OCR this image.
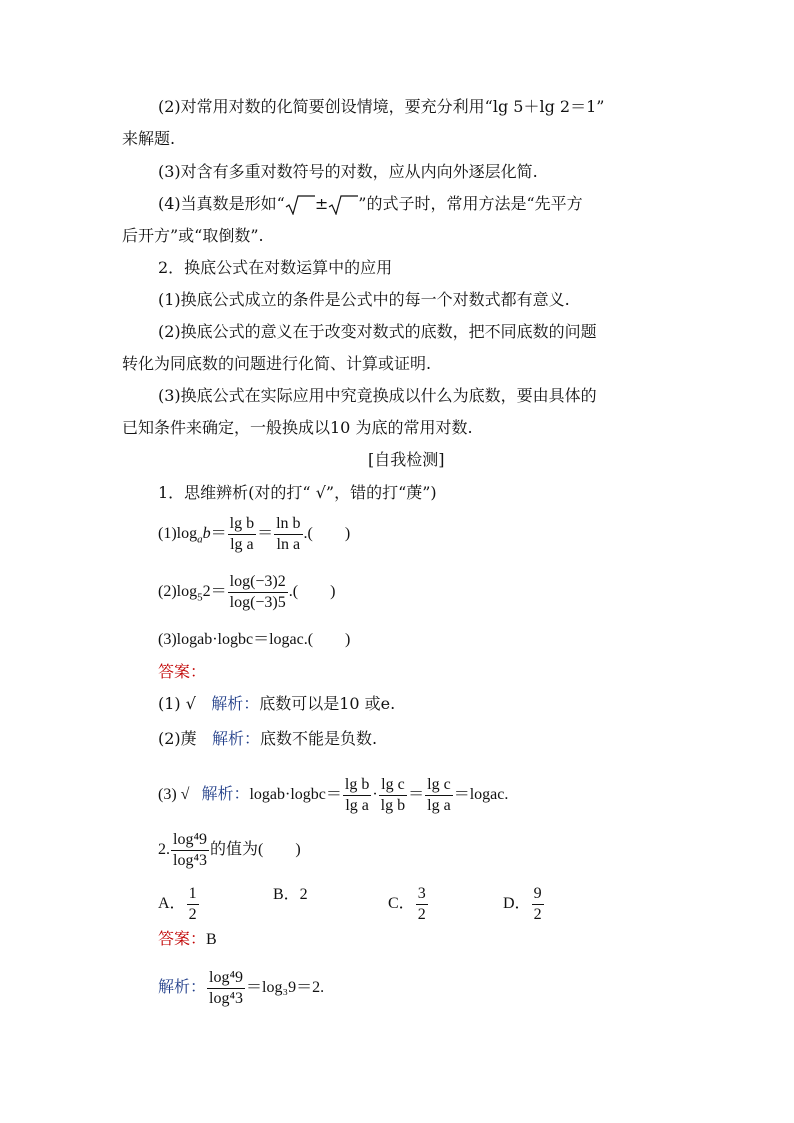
(2)对常用对数的化简要创设情境，要充分利用“lg 5＋lg 2＝1”
来解题.
(3)对含有多重对数符号的对数，应从内向外逐层化简.
(4)当真数是形如“ ± ”的式子时，常用方法是“先平方
后开方”或“取倒数”.
2．换底公式在对数运算中的应用
(1)换底公式成立的条件是公式中的每一个对数式都有意义.
(2)换底公式的意义在于改变对数式的底数，把不同底数的问题
转化为同底数的问题进行化简、计算或证明.
(3)换底公式在实际应用中究竟换成以什么为底数，要由具体的
已知条件来确定，一般换成以10 为底的常用对数.
[自我检测]
1．思维辨析(对的打“ √”，错的打“菮”)
$(1)\log_ab= \frac{\text{lg b}}{\text{lg a}} = \frac{\text{ln b}}{\text{ln a}}$ .(　　)
$(2)\log_52= \frac{\log(-3)2}{\log(-3)5}$ .(　　)
(3)logab·logbc＝logac.(　　)
答案：
(1) √ 解析：底数可以是10 或e.
(2)菮 解析：底数不能是负数.
(3) √ 解析：logab·logbc＝ $\frac{\text{lg b}}{\text{lg a}} \cdot \frac{\text{lg c}}{\text{lg b}} = \frac{\text{lg c}}{\text{lg a}}$ ＝logac.
2. $\frac{\text{log⁴9}}{\text{log⁴3}}$ 的值为(　　)
A． $\frac{1}{2}$	B．2
C． $\frac{3}{2}$	D． $\frac{9}{2}$
答案：B
解析： $\frac{\text{log⁴9}}{\text{log⁴3}} =\log_39=2$.
